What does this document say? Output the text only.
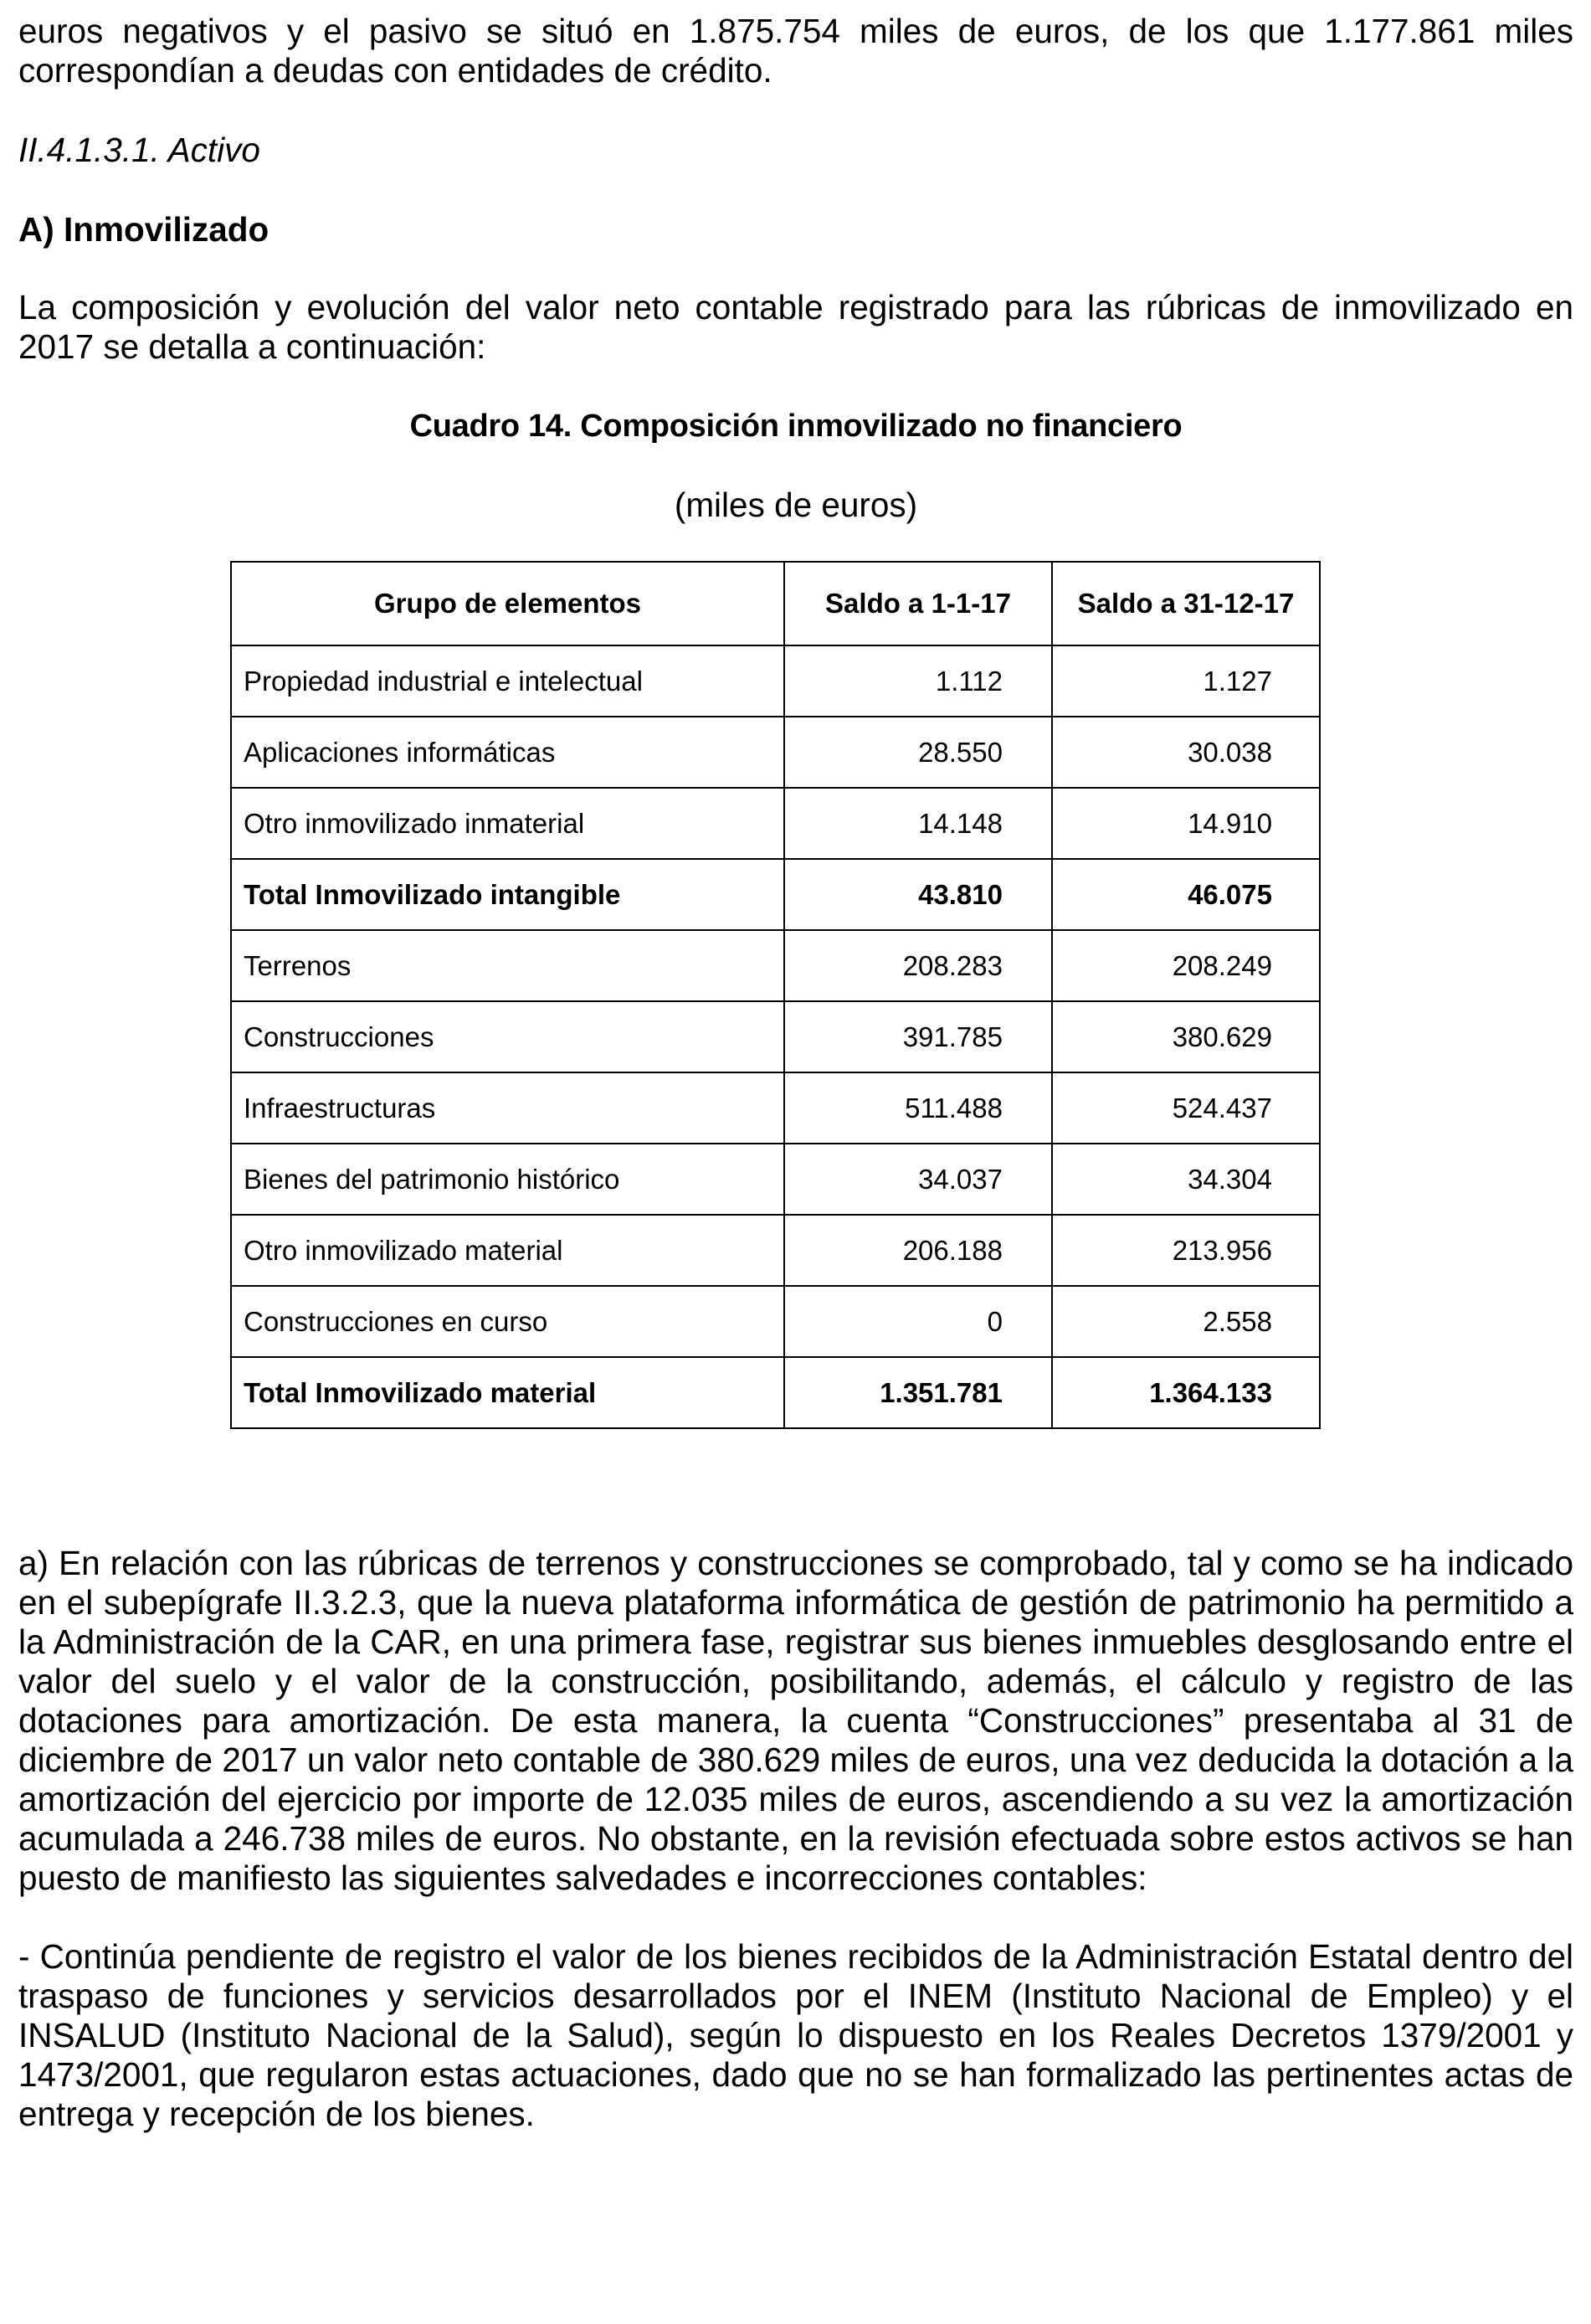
euros negativos y el pasivo se situó en 1.875.754 miles de euros, de los que 1.177.861 miles correspondían a deudas con entidades de crédito.

II.4.1.3.1. Activo

A) Inmovilizado

La composición y evolución del valor neto contable registrado para las rúbricas de inmovilizado en 2017 se detalla a continuación:

Cuadro 14. Composición inmovilizado no financiero

(miles de euros)

Grupo de elementos	Saldo a 1-1-17	Saldo a 31-12-17
Propiedad industrial e intelectual	1.112	1.127
Aplicaciones informáticas	28.550	30.038
Otro inmovilizado inmaterial	14.148	14.910
Total Inmovilizado intangible	43.810	46.075
Terrenos	208.283	208.249
Construcciones	391.785	380.629
Infraestructuras	511.488	524.437
Bienes del patrimonio histórico	34.037	34.304
Otro inmovilizado material	206.188	213.956
Construcciones en curso	0	2.558
Total Inmovilizado material	1.351.781	1.364.133

a) En relación con las rúbricas de terrenos y construcciones se comprobado, tal y como se ha indicado en el subepígrafe II.3.2.3, que la nueva plataforma informática de gestión de patrimonio ha permitido a la Administración de la CAR, en una primera fase, registrar sus bienes inmuebles desglosando entre el valor del suelo y el valor de la construcción, posibilitando, además, el cálculo y registro de las dotaciones para amortización. De esta manera, la cuenta “Construcciones” presentaba al 31 de diciembre de 2017 un valor neto contable de 380.629 miles de euros, una vez deducida la dotación a la amortización del ejercicio por importe de 12.035 miles de euros, ascendiendo a su vez la amortización acumulada a 246.738 miles de euros. No obstante, en la revisión efectuada sobre estos activos se han puesto de manifiesto las siguientes salvedades e incorrecciones contables:

- Continúa pendiente de registro el valor de los bienes recibidos de la Administración Estatal dentro del traspaso de funciones y servicios desarrollados por el INEM (Instituto Nacional de Empleo) y el INSALUD (Instituto Nacional de la Salud), según lo dispuesto en los Reales Decretos 1379/2001 y 1473/2001, que regularon estas actuaciones, dado que no se han formalizado las pertinentes actas de entrega y recepción de los bienes.
